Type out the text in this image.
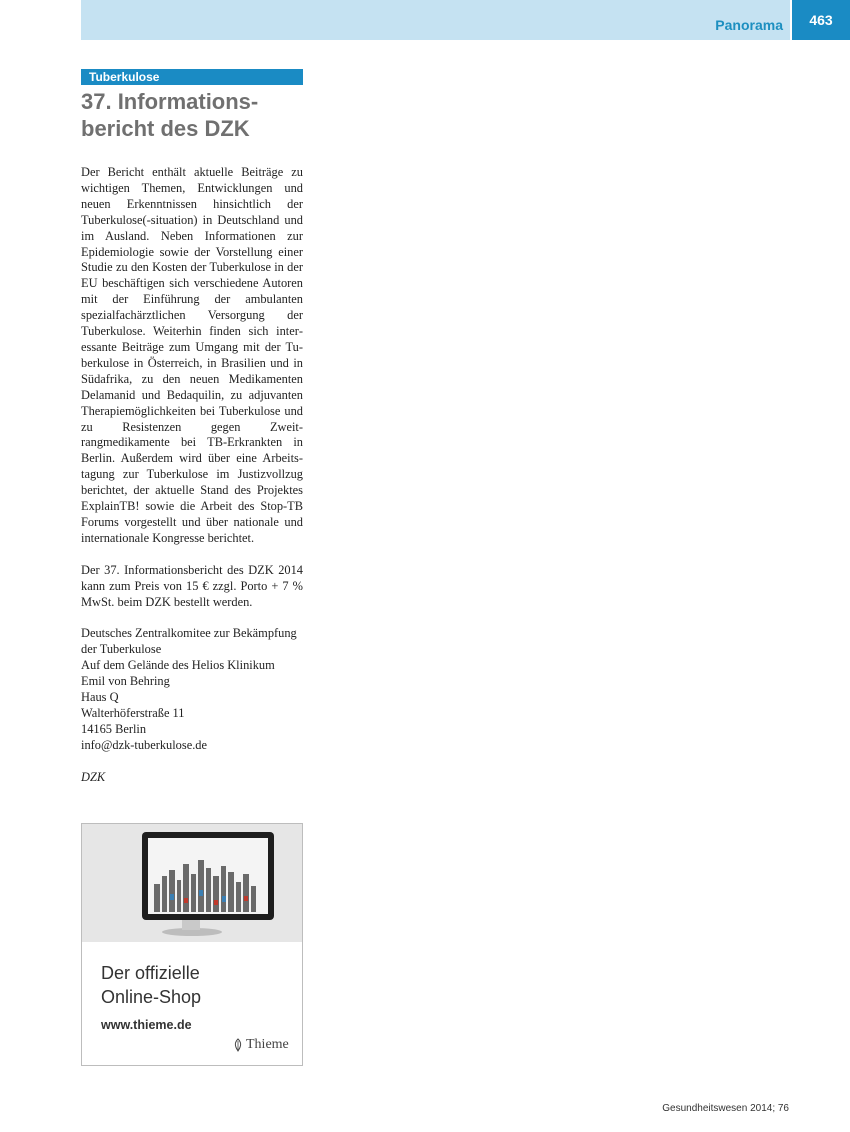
Panorama	463
Tuberkulose
37. Informations-
bericht des DZK

Der Bericht enthält aktuelle Beiträge zu wichtigen Themen, Entwicklungen und neuen Erkenntnissen hinsichtlich der Tuberkulose(-situation) in Deutschland und im Ausland. Neben Informationen zur Epidemiologie sowie der Vorstellung einer Studie zu den Kosten der Tuberkulose in der EU beschäftigen sich verschiedene Autoren mit der Einführung der ambulanten spezialfachärztlichen Versorgung der Tuberkulose. Weiterhin finden sich interessante Beiträge zum Umgang mit der Tuberkulose in Österreich, in Brasilien und in Südafrika, zu den neuen Medikamenten Delamanid und Bedaquilin, zu adjuvanten Therapiemöglichkeiten bei Tuberkulose und zu Resistenzen gegen Zweitrangmedikamente bei TB-Erkrankten in Berlin. Außerdem wird über eine Arbeitstagung zur Tuberkulose im Justizvollzug berichtet, der aktuelle Stand des Projektes ExplainTB! sowie die Arbeit des Stop-TB Forums vorgestellt und über nationale und internationale Kongresse berichtet.

Der 37. Informationsbericht des DZK 2014 kann zum Preis von 15 € zzgl. Porto + 7 % MwSt. beim DZK bestellt werden.

Deutsches Zentralkomitee zur Bekämpfung der Tuberkulose
Auf dem Gelände des Helios Klinikum
Emil von Behring
Haus Q
Walterhöferstraße 11
14165 Berlin
info@dzk-tuberkulose.de

DZK

Der offizielle
Online-Shop
www.thieme.de
Thieme
Gesundheitswesen 2014; 76
